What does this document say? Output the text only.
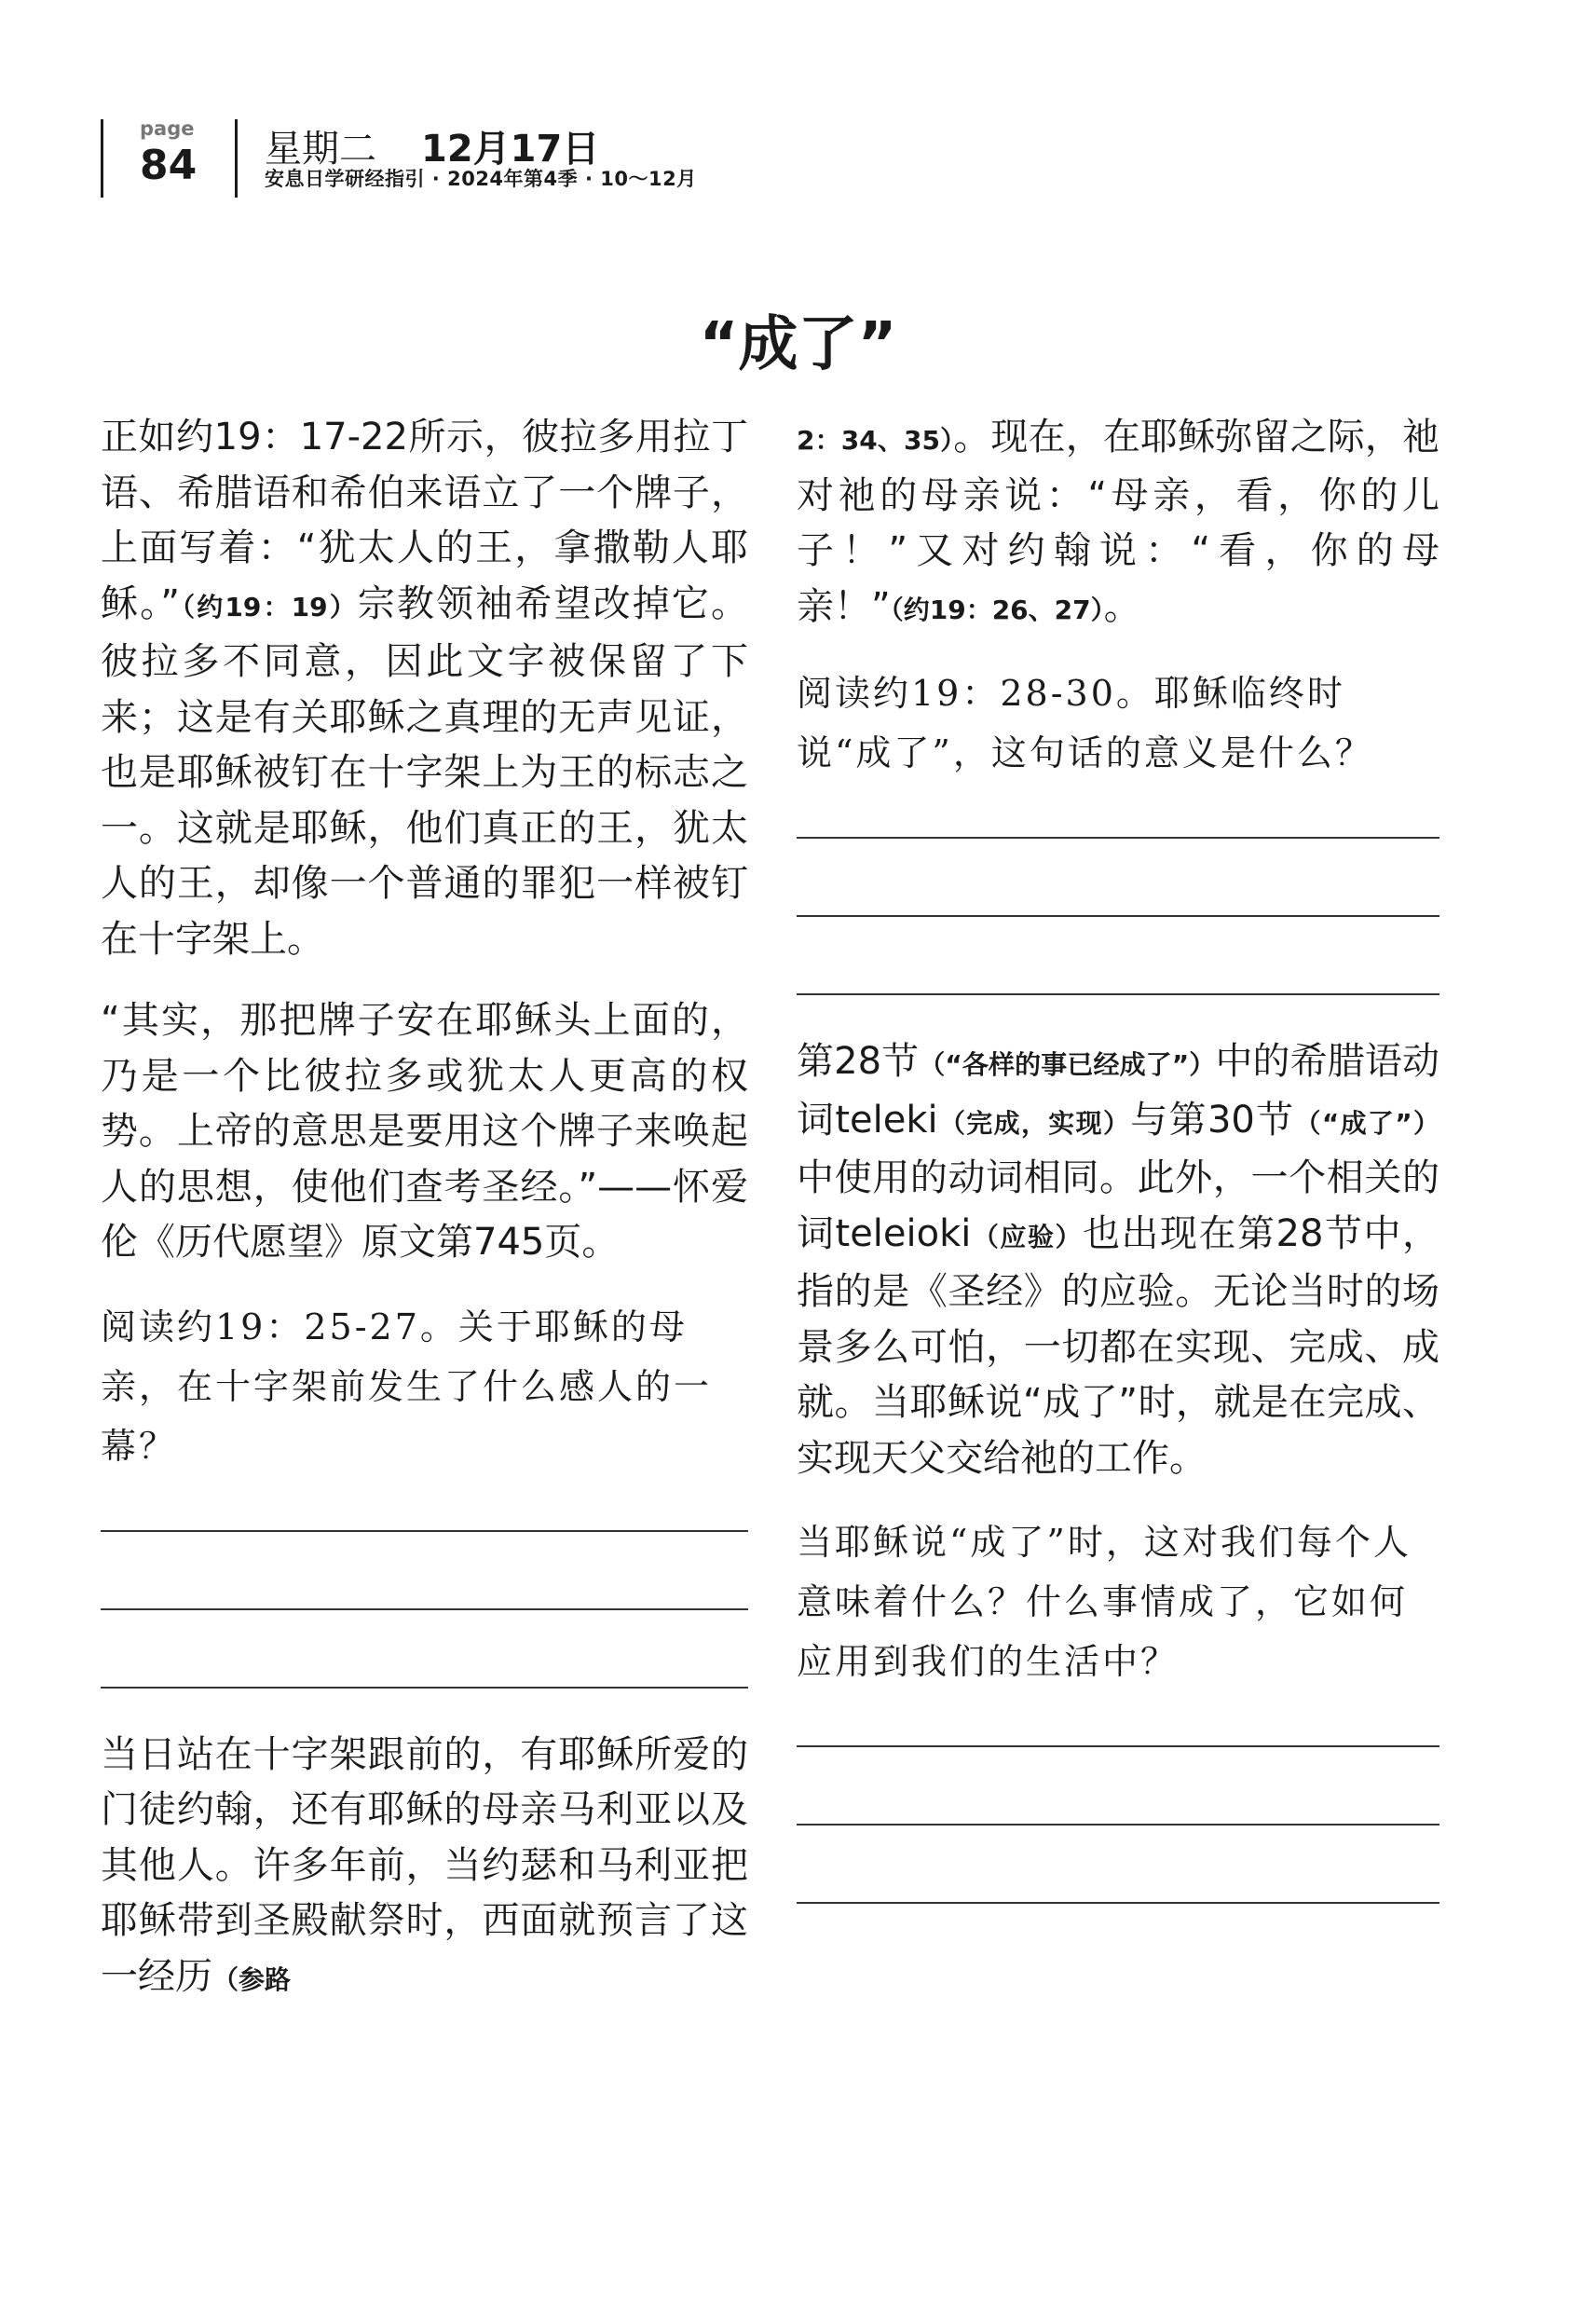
page
84 星期二 12月17日
安息日学研经指引 · 2024年第4季 · 10～12月
“成了”

正如约19：17-22所示，彼拉多用拉丁语、希腊语和希伯来语立了一个牌子，上面写着：“犹太人的王，拿撒勒人耶稣。”（约19：19）宗教领袖希望改掉它。彼拉多不同意，因此文字被保留了下来；这是有关耶稣之真理的无声见证，也是耶稣被钉在十字架上为王的标志之一。这就是耶稣，他们真正的王，犹太人的王，却像一个普通的罪犯一样被钉在十字架上。

“其实，那把牌子安在耶稣头上面的，乃是一个比彼拉多或犹太人更高的权势。上帝的意思是要用这个牌子来唤起人的思想，使他们查考圣经。”——怀爱伦《历代愿望》原文第745页。

阅读约19：25-27。关于耶稣的母亲，在十字架前发生了什么感人的一幕？

当日站在十字架跟前的，有耶稣所爱的门徒约翰，还有耶稣的母亲马利亚以及其他人。许多年前，当约瑟和马利亚把耶稣带到圣殿献祭时，西面就预言了这一经历（参路

2：34、35）。现在，在耶稣弥留之际，祂对祂的母亲说：“母亲，看，你的儿子！”又对约翰说：“看，你的母亲！”（约19：26、27）。

阅读约19：28-30。耶稣临终时说“成了”，这句话的意义是什么？

第28节（“各样的事已经成了”）中的希腊语动词teleki（完成，实现）与第30节（“成了”）中使用的动词相同。此外，一个相关的词teleioki（应验）也出现在第28节中，指的是《圣经》的应验。无论当时的场景多么可怕，一切都在实现、完成、成就。当耶稣说“成了”时，就是在完成、实现天父交给祂的工作。

当耶稣说“成了”时，这对我们每个人意味着什么？什么事情成了，它如何应用到我们的生活中？
